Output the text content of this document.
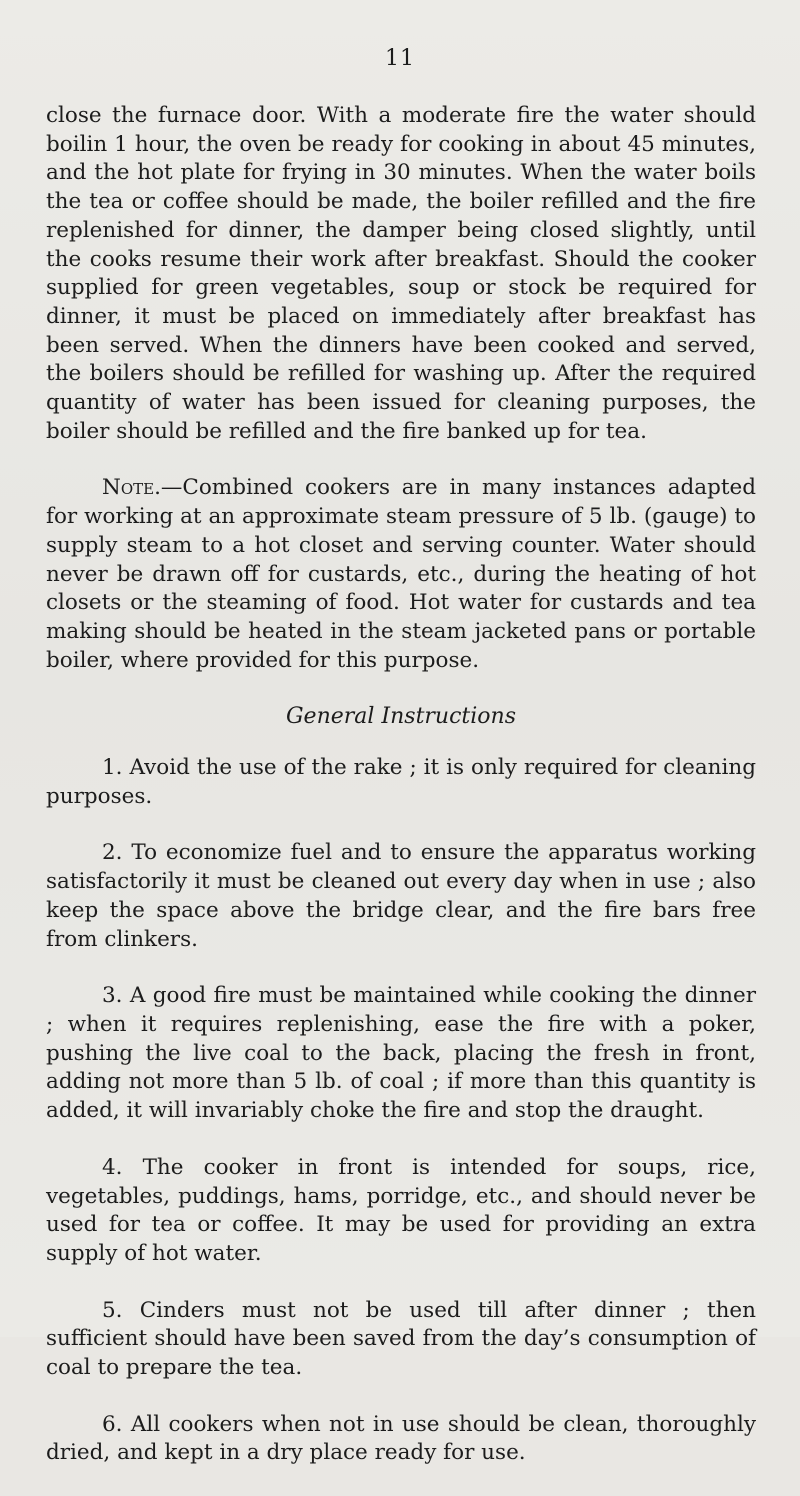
11

close the furnace door. With a moderate fire the water should boilin 1 hour, the oven be ready for cooking in about 45 minutes, and the hot plate for frying in 30 minutes. When the water boils the tea or coffee should be made, the boiler refilled and the fire replenished for dinner, the damper being closed slightly, until the cooks resume their work after breakfast. Should the cooker supplied for green vegetables, soup or stock be required for dinner, it must be placed on immediately after breakfast has been served. When the dinners have been cooked and served, the boilers should be refilled for washing up. After the required quantity of water has been issued for cleaning purposes, the boiler should be refilled and the fire banked up for tea.

Note.—Combined cookers are in many instances adapted for working at an approximate steam pressure of 5 lb. (gauge) to supply steam to a hot closet and serving counter. Water should never be drawn off for custards, etc., during the heating of hot closets or the steaming of food. Hot water for custards and tea making should be heated in the steam jacketed pans or portable boiler, where provided for this purpose.

General Instructions

1. Avoid the use of the rake ; it is only required for cleaning purposes.

2. To economize fuel and to ensure the apparatus working satisfactorily it must be cleaned out every day when in use ; also keep the space above the bridge clear, and the fire bars free from clinkers.

3. A good fire must be maintained while cooking the dinner ; when it requires replenishing, ease the fire with a poker, pushing the live coal to the back, placing the fresh in front, adding not more than 5 lb. of coal ; if more than this quantity is added, it will invariably choke the fire and stop the draught.

4. The cooker in front is intended for soups, rice, vegetables, puddings, hams, porridge, etc., and should never be used for tea or coffee. It may be used for providing an extra supply of hot water.

5. Cinders must not be used till after dinner ; then sufficient should have been saved from the day’s consumption of coal to prepare the tea.

6. All cookers when not in use should be clean, thoroughly dried, and kept in a dry place ready for use.
